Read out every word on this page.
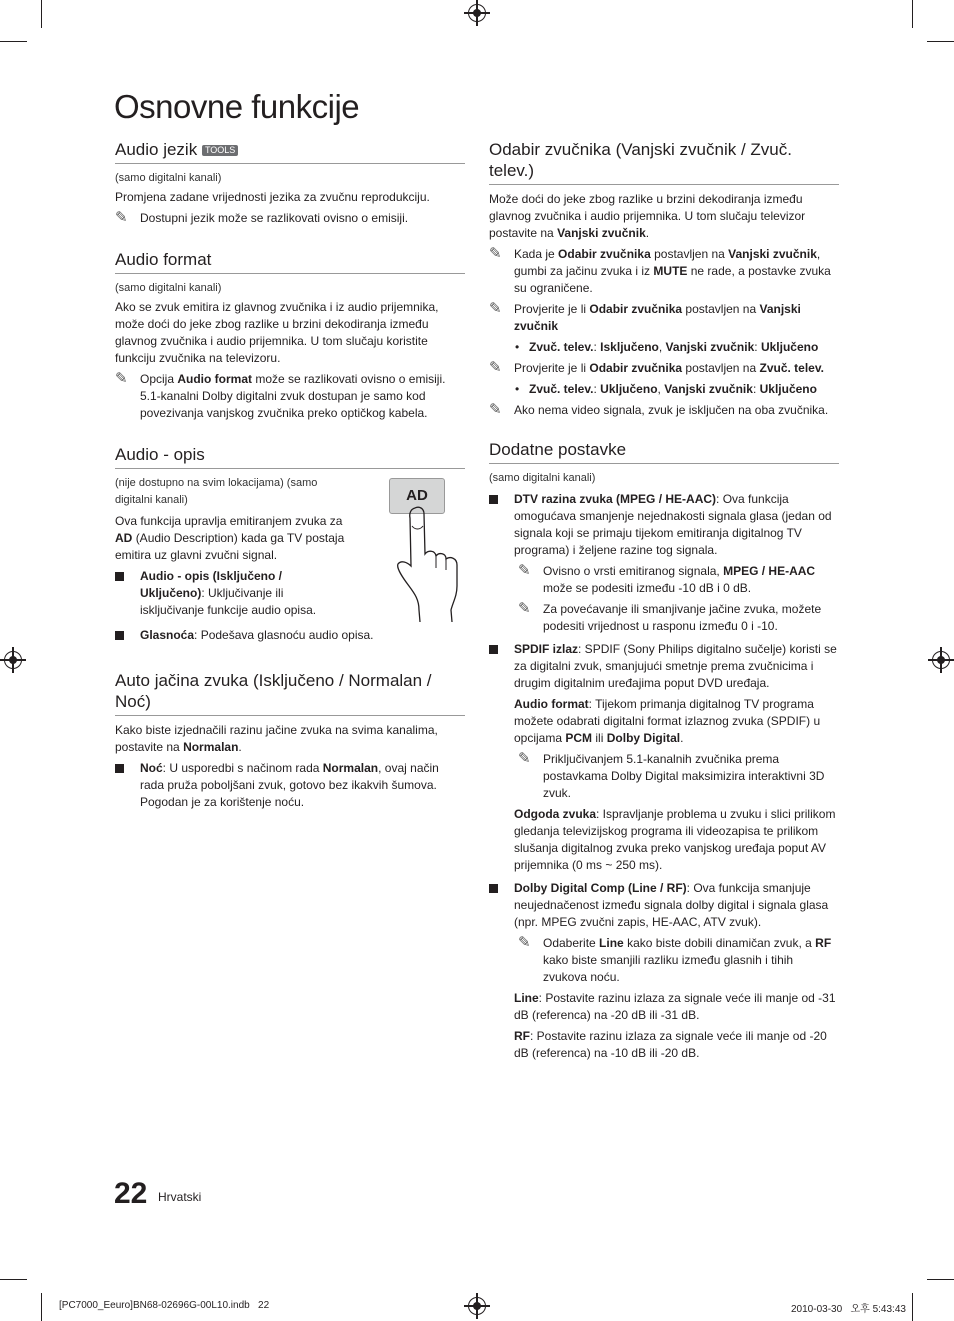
Osnovne funkcije
Audio jezik TOOLS
(samo digitalni kanali)

Promjena zadane vrijednosti jezika za zvučnu reprodukciju.

✎ Dostupni jezik može se razlikovati ovisno o emisiji.
Audio format
(samo digitalni kanali)

Ako se zvuk emitira iz glavnog zvučnika i iz audio prijemnika, može doći do jeke zbog razlike u brzini dekodiranja između glavnog zvučnika i audio prijemnika. U tom slučaju koristite funkciju zvučnika na televizoru.

✎ Opcija Audio format može se razlikovati ovisno o emisiji. 5.1-kanalni Dolby digitalni zvuk dostupan je samo kod povezivanja vanjskog zvučnika preko optičkog kabela.
Audio - opis
(nije dostupno na svim lokacijama) (samo digitalni kanali)

Ova funkcija upravlja emitiranjem zvuka za AD (Audio Description) kada ga TV postaja emitira uz glavni zvučni signal.

Audio - opis (Isključeno / Uključeno): Uključivanje ili isključivanje funkcije audio opisa.
Glasnoća: Podešava glasnoću audio opisa.
AD
Auto jačina zvuka (Isključeno / Normalan / Noć)

Kako biste izjednačili razinu jačine zvuka na svima kanalima, postavite na Normalan.

Noć: U usporedbi s načinom rada Normalan, ovaj način rada pruža poboljšani zvuk, gotovo bez ikakvih šumova. Pogodan je za korištenje noću.
Odabir zvučnika (Vanjski zvučnik / Zvuč. telev.)

Može doći do jeke zbog razlike u brzini dekodiranja između glavnog zvučnika i audio prijemnika. U tom slučaju televizor postavite na Vanjski zvučnik.

✎ Kada je Odabir zvučnika postavljen na Vanjski zvučnik, gumbi za jačinu zvuka i iz MUTE ne rade, a postavke zvuka su ograničene.
✎ Provjerite je li Odabir zvučnika postavljen na Vanjski zvučnik
• Zvuč. telev.: Isključeno, Vanjski zvučnik: Uključeno
✎ Provjerite je li Odabir zvučnika postavljen na Zvuč. telev.
• Zvuč. telev.: Uključeno, Vanjski zvučnik: Uključeno
✎ Ako nema video signala, zvuk je isključen na oba zvučnika.
Dodatne postavke
(samo digitalni kanali)
DTV razina zvuka (MPEG / HE-AAC): Ova funkcija omogućava smanjenje nejednakosti signala glasa (jedan od signala koji se primaju tijekom emitiranja digitalnog TV programa) i željene razine tog signala.
✎ Ovisno o vrsti emitiranog signala, MPEG / HE-AAC može se podesiti između -10 dB i 0 dB.
✎ Za povećavanje ili smanjivanje jačine zvuka, možete podesiti vrijednost u rasponu između 0 i -10.
SPDIF izlaz: SPDIF (Sony Philips digitalno sučelje) koristi se za digitalni zvuk, smanjujući smetnje prema zvučnicima i drugim digitalnim uređajima poput DVD uređaja.

Audio format: Tijekom primanja digitalnog TV programa možete odabrati digitalni format izlaznog zvuka (SPDIF) u opcijama PCM ili Dolby Digital.

✎ Priključivanjem 5.1-kanalnih zvučnika prema postavkama Dolby Digital maksimizira interaktivni 3D zvuk.

Odgoda zvuka: Ispravljanje problema u zvuku i slici prilikom gledanja televizijskog programa ili videozapisa te prilikom slušanja digitalnog zvuka preko vanjskog uređaja poput AV prijemnika (0 ms ~ 250 ms).

Dolby Digital Comp (Line / RF): Ova funkcija smanjuje neujednačenost između signala dolby digital i signala glasa (npr. MPEG zvučni zapis, HE-AAC, ATV zvuk).
✎ Odaberite Line kako biste dobili dinamičan zvuk, a RF kako biste smanjili razliku između glasnih i tihih zvukova noću.

Line: Postavite razinu izlaza za signale veće ili manje od -31 dB (referenca) na -20 dB ili -31 dB.

RF: Postavite razinu izlaza za signale veće ili manje od -20 dB (referenca) na -10 dB ili -20 dB.

22 Hrvatski
[PC7000_Eeuro]BN68-02696G-00L10.indb   22	2010-03-30   오후 5:43:43
